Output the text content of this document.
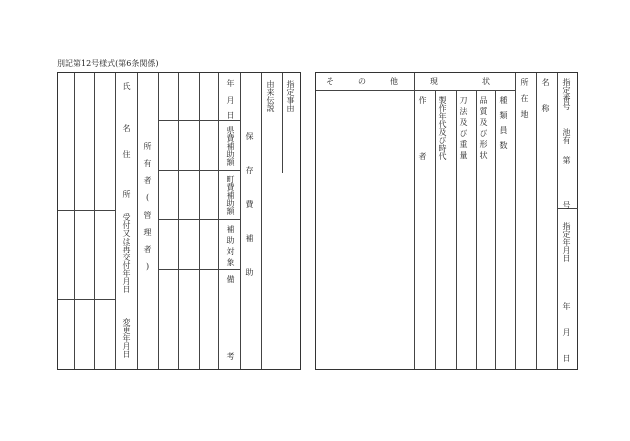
別記第12号様式(第6条関係)
氏
名
住
所
受付又は再交付年月日
変更年月日
所有者(管理者)
年
月
日
県費補助額
町費補助額
補助対象
備
考
保存費補助
由来伝説 指定事由	その他 現状
作者 製作年代及び時代 刀法及び重量 品質及び形状 種類員数 所在地 名称 指定番号
池有
第
号
指定年月日
年
月
日
